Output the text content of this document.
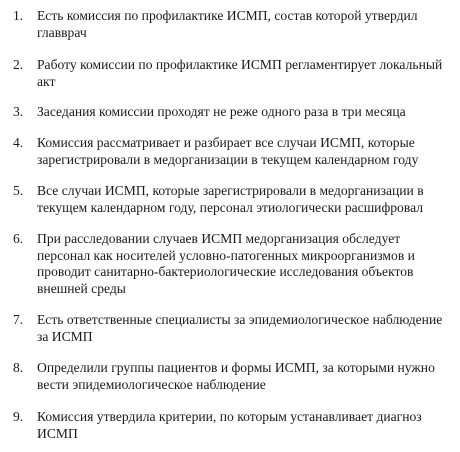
1.	Есть комиссия по профилактике ИСМП, состав которой утвердил
главврач
2.	Работу комиссии по профилактике ИСМП регламентирует локальный
акт
3.	Заседания комиссии проходят не реже одного раза в три месяца
4.	Комиссия рассматривает и разбирает все случаи ИСМП, которые
зарегистрировали в медорганизации в текущем календарном году
5.	Все случаи ИСМП, которые зарегистрировали в медорганизации в
текущем календарном году, персонал этиологически расшифровал
6.	При расследовании случаев ИСМП медорганизация обследует
персонал как носителей условно-патогенных микроорганизмов и
проводит санитарно-бактериологические исследования объектов
внешней среды
7.	Есть ответственные специалисты за эпидемиологическое наблюдение
за ИСМП
8.	Определили группы пациентов и формы ИСМП, за которыми нужно
вести эпидемиологическое наблюдение
9.	Комиссия утвердила критерии, по которым устанавливает диагноз
ИСМП
